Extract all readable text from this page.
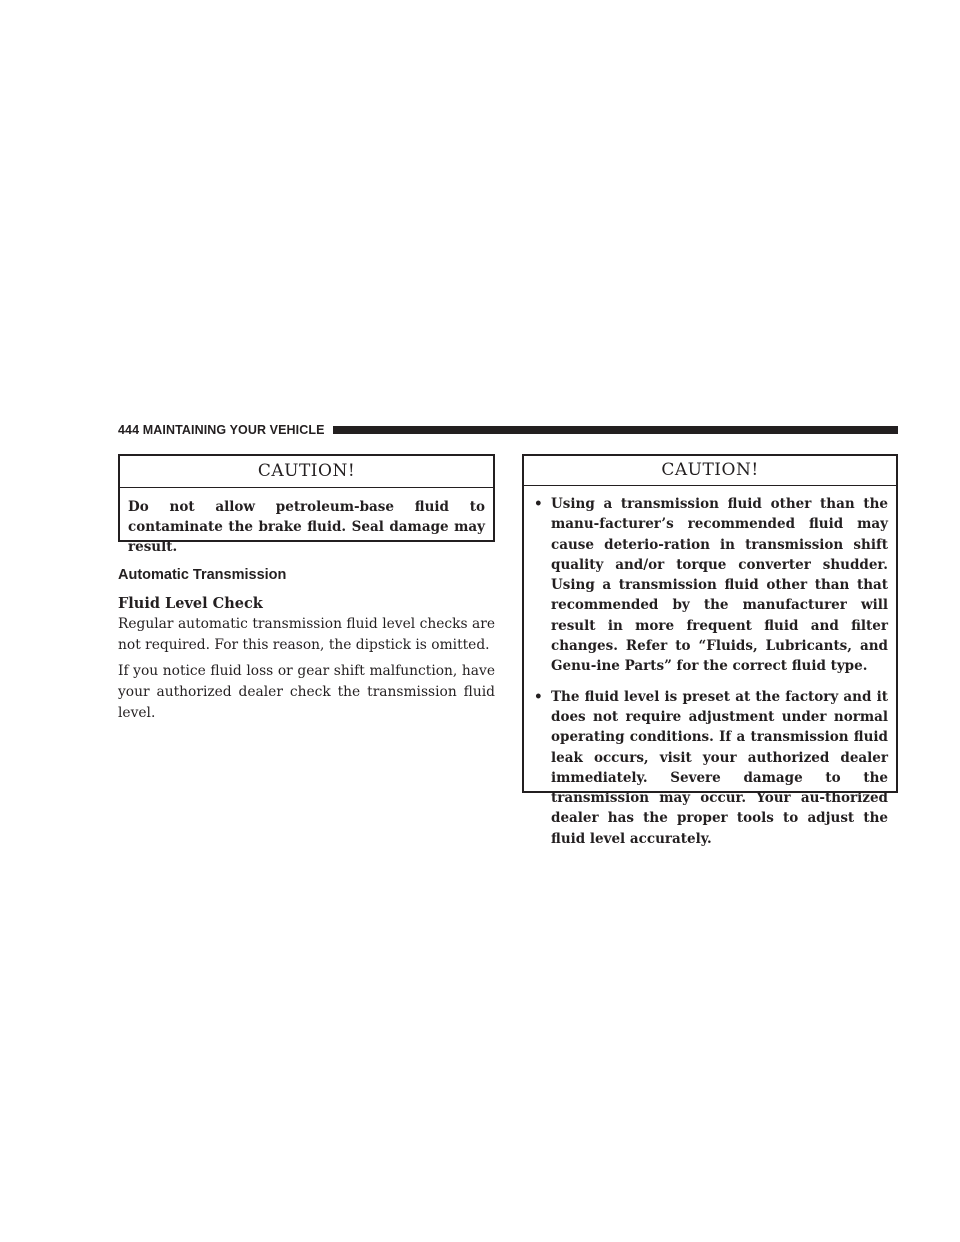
444 MAINTAINING YOUR VEHICLE
CAUTION!
Do not allow petroleum-base fluid to contaminate the brake fluid. Seal damage may result.
Automatic Transmission
Fluid Level Check

Regular automatic transmission fluid level checks are not required. For this reason, the dipstick is omitted.

If you notice fluid loss or gear shift malfunction, have your authorized dealer check the transmission fluid level.

CAUTION!
• Using a transmission fluid other than the manu-facturer’s recommended fluid may cause deterio-ration in transmission shift quality and/or torque converter shudder. Using a transmission fluid other than that recommended by the manufacturer will result in more frequent fluid and filter changes. Refer to “Fluids, Lubricants, and Genu-ine Parts” for the correct fluid type.

• The fluid level is preset at the factory and it does not require adjustment under normal operating conditions. If a transmission fluid leak occurs, visit your authorized dealer immediately. Severe damage to the transmission may occur. Your au-thorized dealer has the proper tools to adjust the fluid level accurately.
